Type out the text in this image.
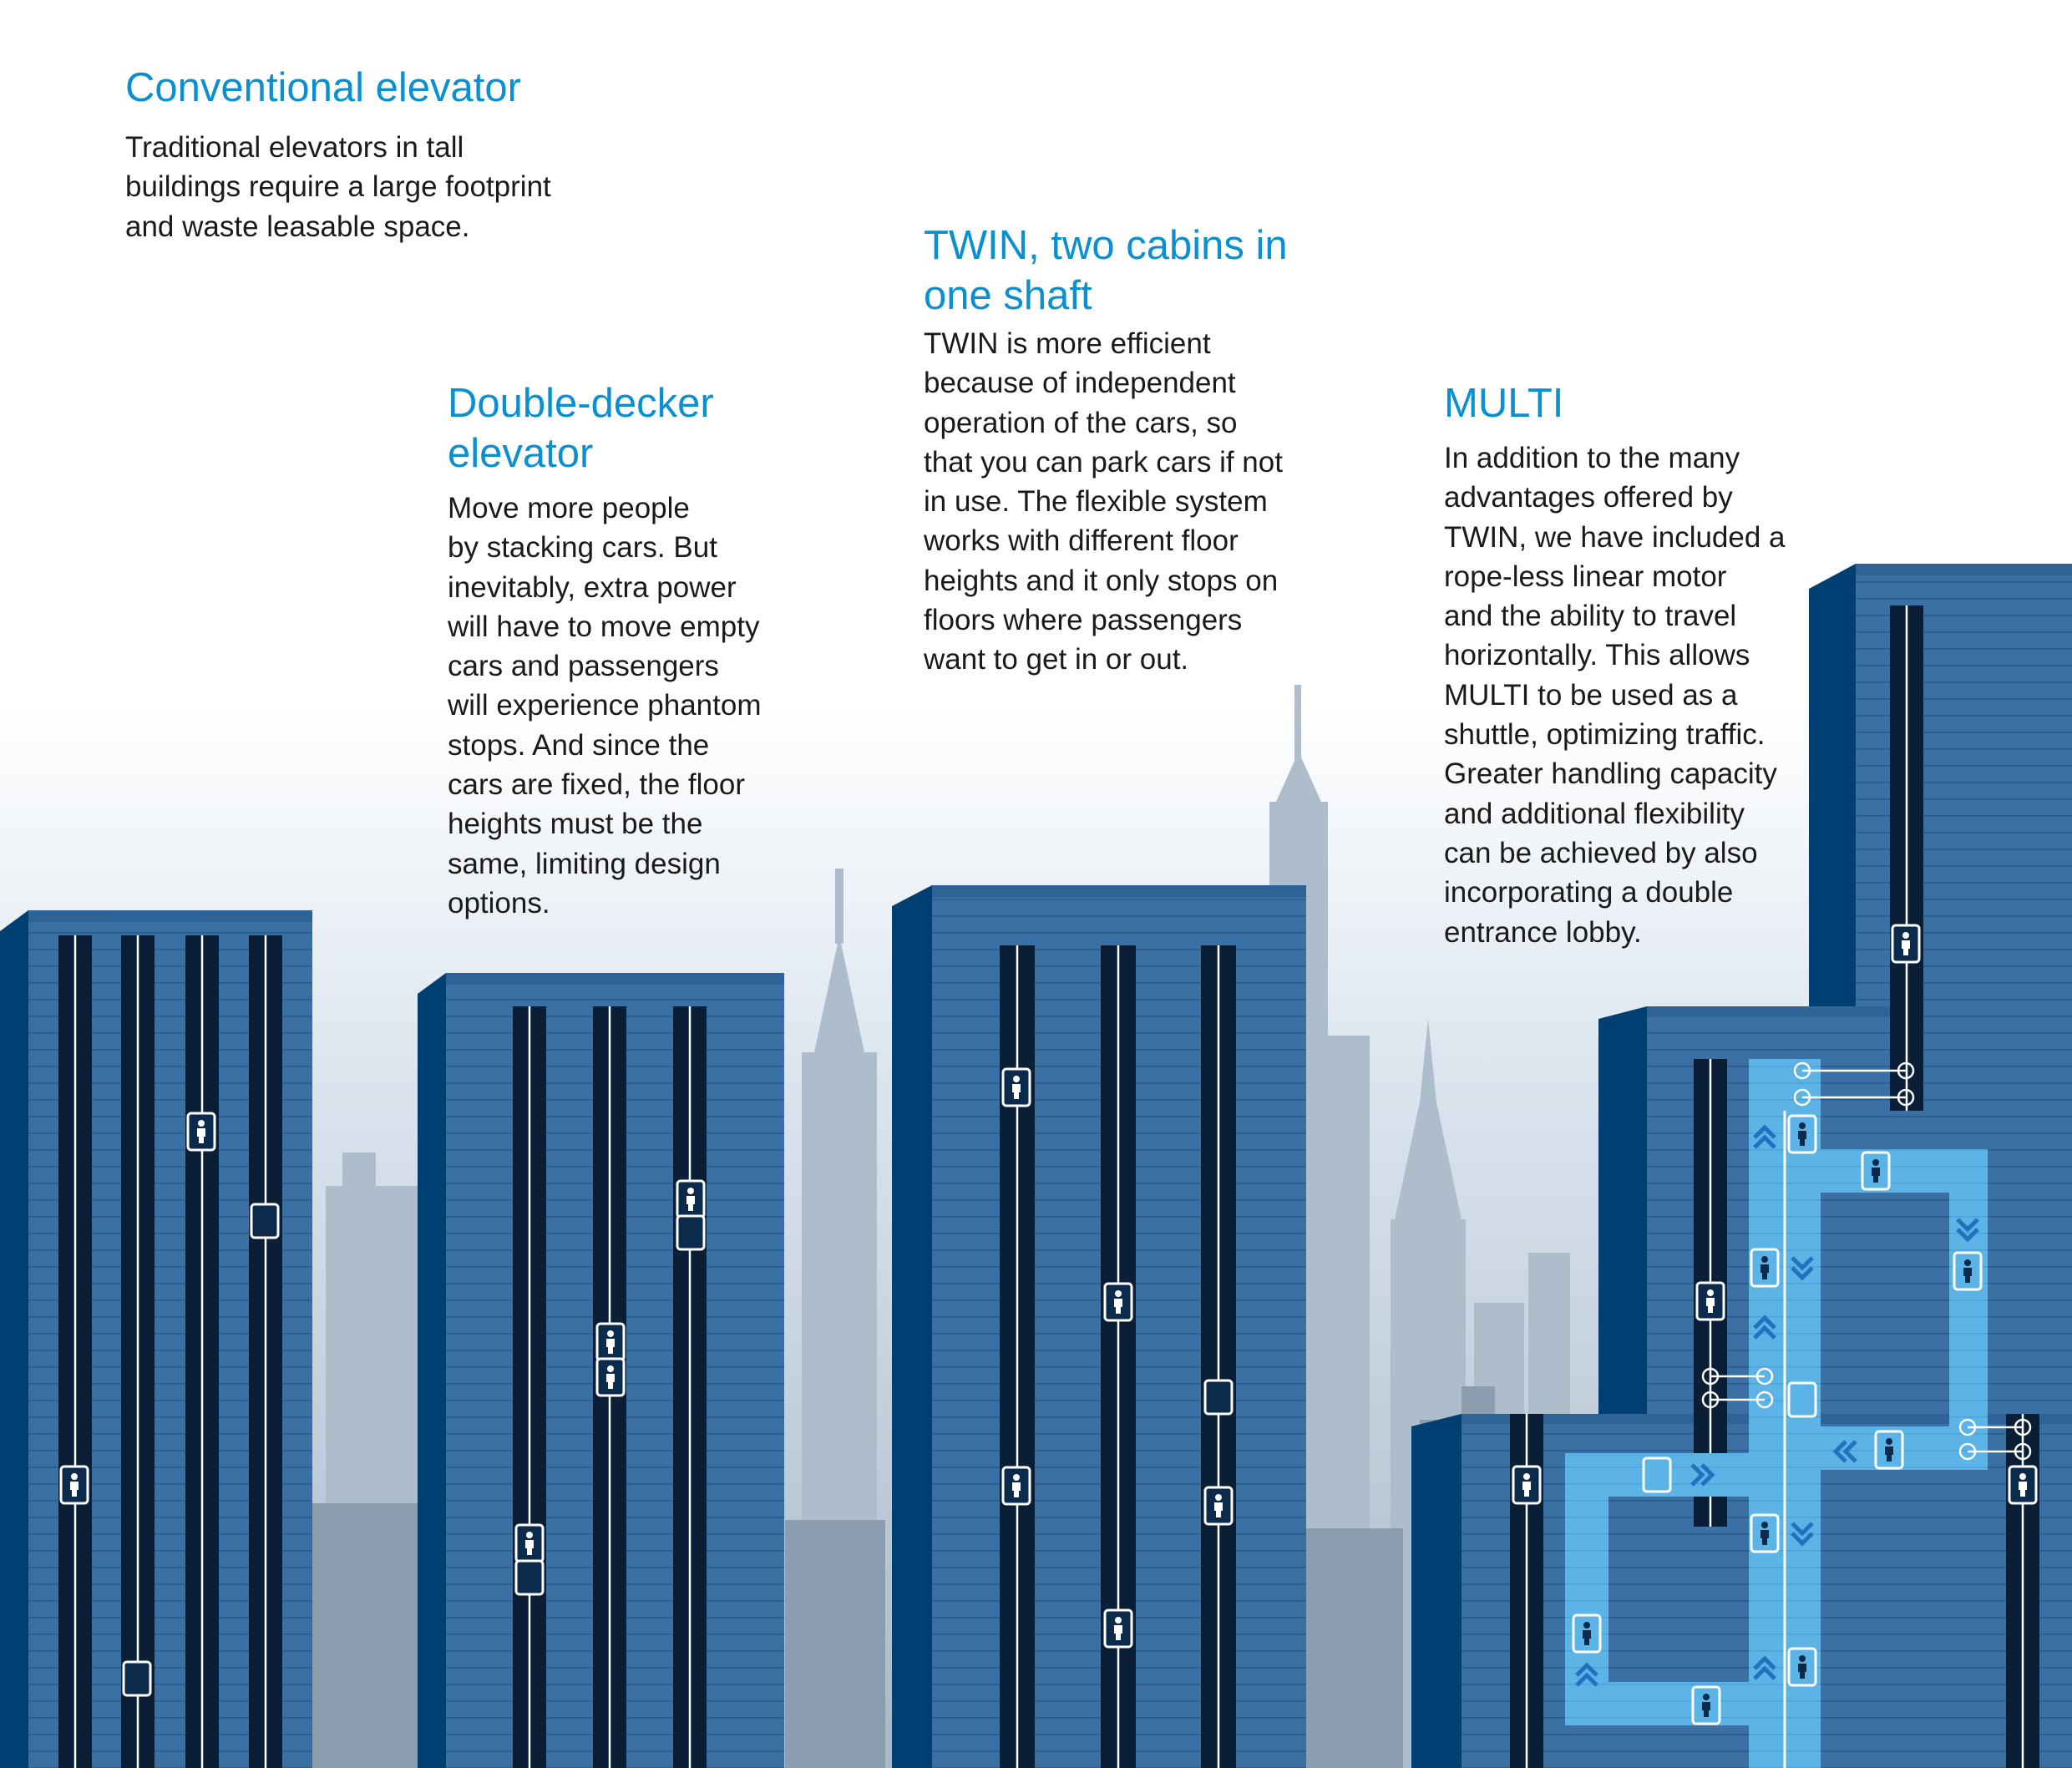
Conventional elevator

Traditional elevators in tall
buildings require a large footprint
and waste leasable space.

Double-decker
elevator

Move more people
by stacking cars. But
inevitably, extra power
will have to move empty
cars and passengers
will experience phantom
stops. And since the
cars are fixed, the floor
heights must be the
same, limiting design
options.

TWIN, two cabins in
one shaft

TWIN is more efficient
because of independent
operation of the cars, so
that you can park cars if not
in use. The flexible system
works with different floor
heights and it only stops on
floors where passengers
want to get in or out.

MULTI

In addition to the many
advantages offered by
TWIN, we have included a
rope-less linear motor
and the ability to travel
horizontally. This allows
MULTI to be used as a
shuttle, optimizing traffic.
Greater handling capacity
and additional flexibility
can be achieved by also
incorporating a double
entrance lobby.
